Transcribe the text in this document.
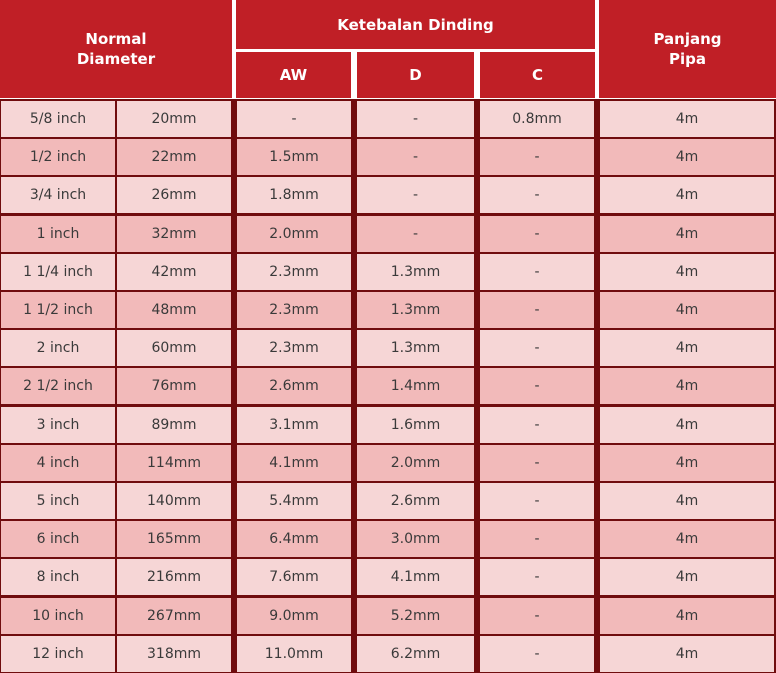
Normal Diameter
Ketebalan Dinding
AW	D	C
Panjang Pipa
5/8 inch	20mm	-	-	0.8mm	4m
1/2 inch	22mm	1.5mm	-	-	4m
3/4 inch	26mm	1.8mm	-	-	4m
1 inch	32mm	2.0mm	-	-	4m
1 1/4 inch	42mm	2.3mm	1.3mm	-	4m
1 1/2 inch	48mm	2.3mm	1.3mm	-	4m
2 inch	60mm	2.3mm	1.3mm	-	4m
2 1/2 inch	76mm	2.6mm	1.4mm	-	4m
3 inch	89mm	3.1mm	1.6mm	-	4m
4 inch	114mm	4.1mm	2.0mm	-	4m
5 inch	140mm	5.4mm	2.6mm	-	4m
6 inch	165mm	6.4mm	3.0mm	-	4m
8 inch	216mm	7.6mm	4.1mm	-	4m
10 inch	267mm	9.0mm	5.2mm	-	4m
12 inch	318mm	11.0mm	6.2mm	-	4m
